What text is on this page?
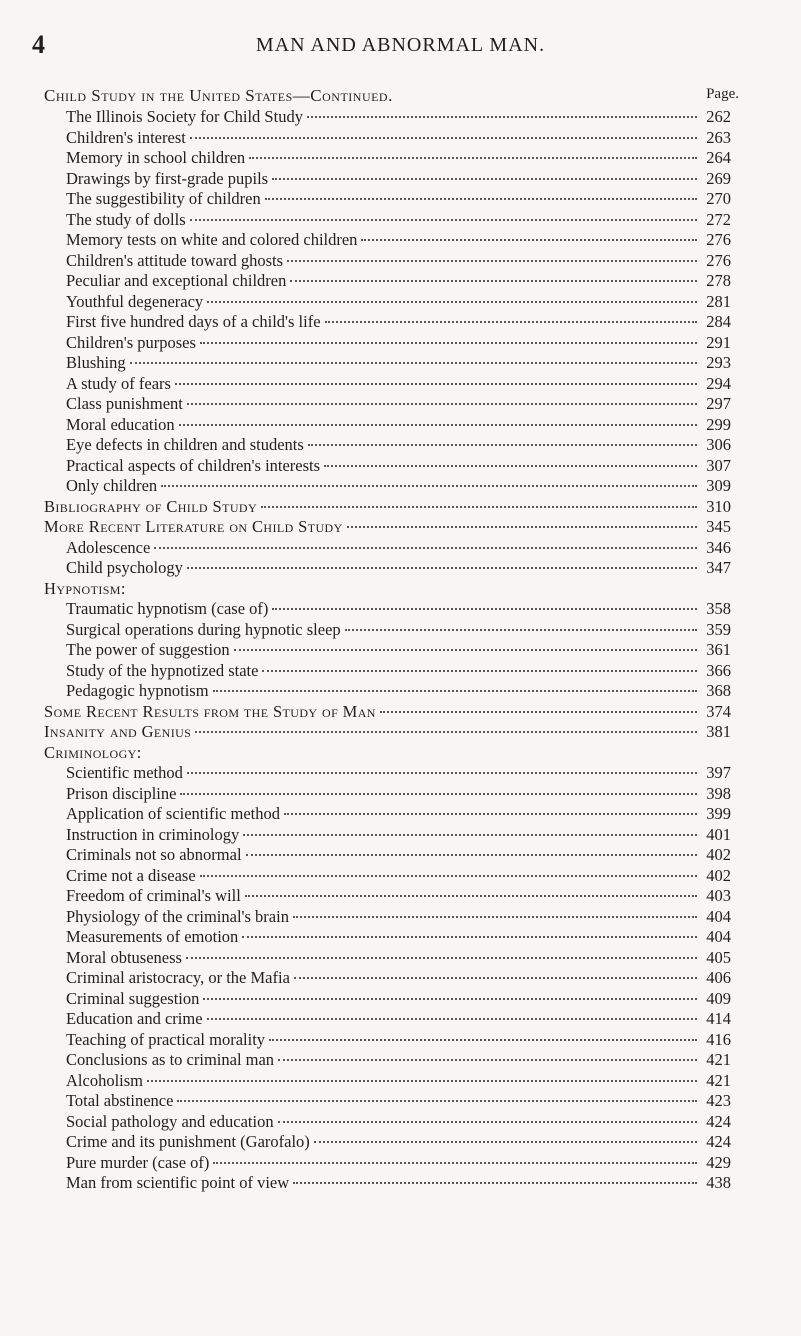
4	MAN AND ABNORMAL MAN.
Child Study in the United States—Continued.	Page.
The Illinois Society for Child Study	262
Children's interest	263
Memory in school children	264
Drawings by first-grade pupils	269
The suggestibility of children	270
The study of dolls	272
Memory tests on white and colored children	276
Children's attitude toward ghosts	276
Peculiar and exceptional children	278
Youthful degeneracy	281
First five hundred days of a child's life	284
Children's purposes	291
Blushing	293
A study of fears	294
Class punishment	297
Moral education	299
Eye defects in children and students	306
Practical aspects of children's interests	307
Only children	309
Bibliography of Child Study	310
More Recent Literature on Child Study	345
Adolescence	346
Child psychology	347
Hypnotism:
Traumatic hypnotism (case of)	358
Surgical operations during hypnotic sleep	359
The power of suggestion	361
Study of the hypnotized state	366
Pedagogic hypnotism	368
Some Recent Results from the Study of Man	374
Insanity and Genius	381
Criminology:
Scientific method	397
Prison discipline	398
Application of scientific method	399
Instruction in criminology	401
Criminals not so abnormal	402
Crime not a disease	402
Freedom of criminal's will	403
Physiology of the criminal's brain	404
Measurements of emotion	404
Moral obtuseness	405
Criminal aristocracy, or the Mafia	406
Criminal suggestion	409
Education and crime	414
Teaching of practical morality	416
Conclusions as to criminal man	421
Alcoholism	421
Total abstinence	423
Social pathology and education	424
Crime and its punishment (Garofalo)	424
Pure murder (case of)	429
Man from scientific point of view	438
